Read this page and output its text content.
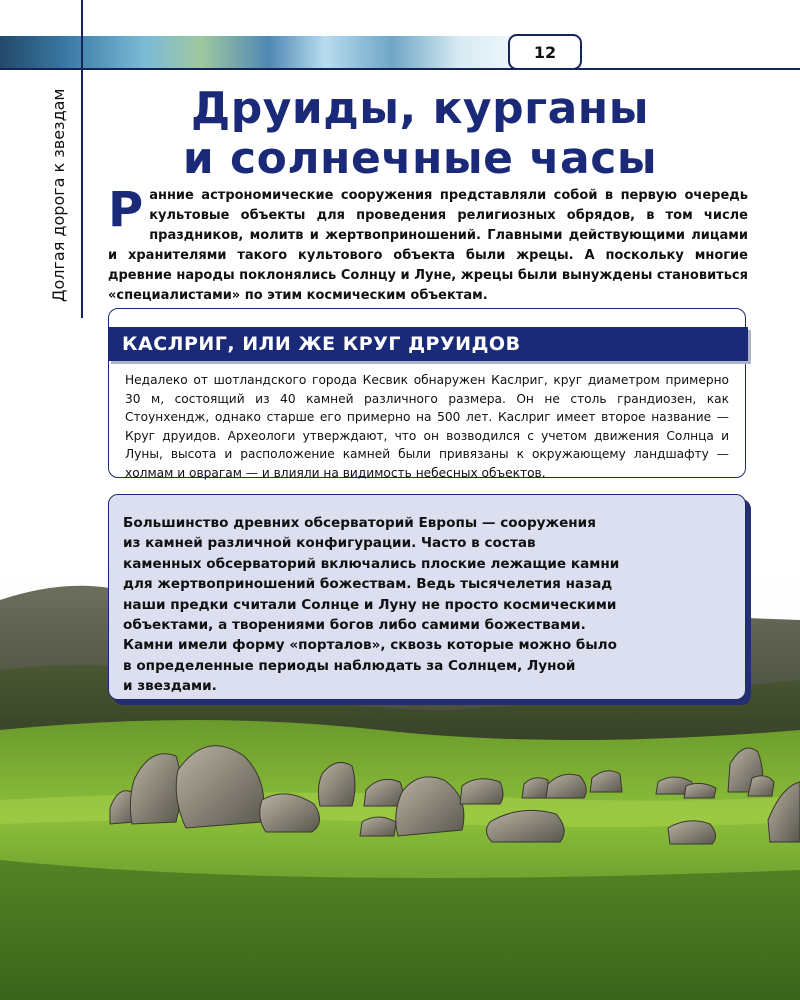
12
Долгая дорога к звездам	Друиды, курганы
и солнечные часы
Р анние астрономические сооружения представляли собой в первую очередь культовые объекты для проведения религиозных обрядов, в том числе праздников, молитв и жертвоприношений. Главными действующими лицами и хранителями такого культового объекта были жрецы. А поскольку многие древние народы поклонялись Солнцу и Луне, жрецы были вынуждены становиться «специалистами» по этим космическим объектам.
КАСЛРИГ, ИЛИ ЖЕ КРУГ ДРУИДОВ
Недалеко от шотландского города Кесвик обнаружен Каслриг, круг диаметром примерно 30 м, состоящий из 40 камней различного размера. Он не столь грандиозен, как Стоунхендж, однако старше его примерно на 500 лет. Каслриг имеет второе название — Круг друидов. Археологи утверждают, что он возводился с учетом движения Солнца и Луны, высота и расположение камней были привязаны к окружающему ландшафту — холмам и оврагам — и влияли на видимость небесных объектов.
Большинство древних обсерваторий Европы — сооружения
из камней различной конфигурации. Часто в состав
каменных обсерваторий включались плоские лежащие камни
для жертвоприношений божествам. Ведь тысячелетия назад
наши предки считали Солнце и Луну не просто космическими
объектами, а творениями богов либо самими божествами.
Камни имели форму «порталов», сквозь которые можно было
в определенные периоды наблюдать за Солнцем, Луной
и звездами.
